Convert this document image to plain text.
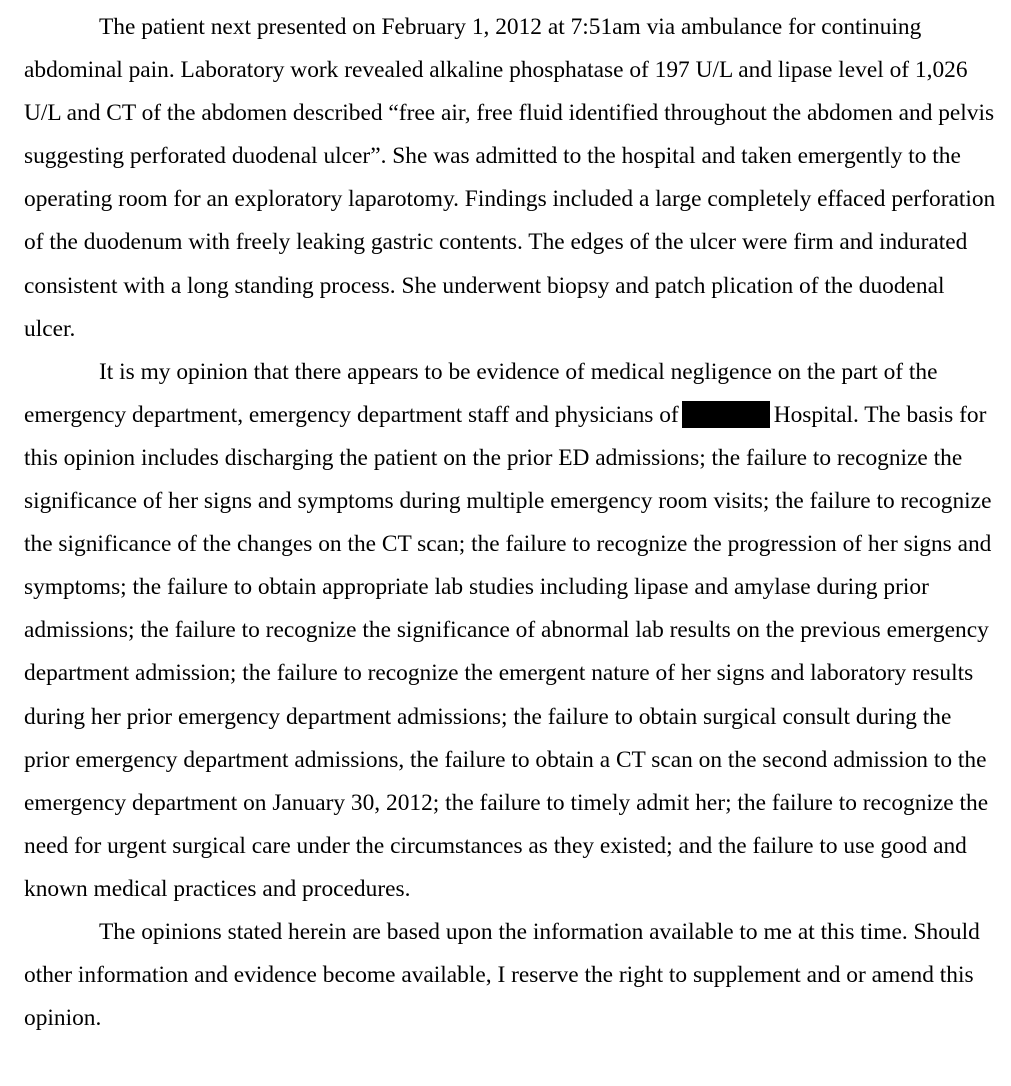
The patient next presented on February 1, 2012 at 7:51am via ambulance for continuing abdominal pain. Laboratory work revealed alkaline phosphatase of 197 U/L and lipase level of 1,026 U/L and CT of the abdomen described “free air, free fluid identified throughout the abdomen and pelvis suggesting perforated duodenal ulcer”. She was admitted to the hospital and taken emergently to the operating room for an exploratory laparotomy. Findings included a large completely effaced perforation of the duodenum with freely leaking gastric contents. The edges of the ulcer were firm and indurated consistent with a long standing process. She underwent biopsy and patch plication of the duodenal ulcer.

It is my opinion that there appears to be evidence of medical negligence on the part of the emergency department, emergency department staff and physicians of	Hospital. The basis for this opinion includes discharging the patient on the prior ED admissions; the failure to recognize the significance of her signs and symptoms during multiple emergency room visits; the failure to recognize the significance of the changes on the CT scan; the failure to recognize the progression of her signs and symptoms; the failure to obtain appropriate lab studies including lipase and amylase during prior admissions; the failure to recognize the significance of abnormal lab results on the previous emergency department admission; the failure to recognize the emergent nature of her signs and laboratory results during her prior emergency department admissions; the failure to obtain surgical consult during the prior emergency department admissions, the failure to obtain a CT scan on the second admission to the emergency department on January 30, 2012; the failure to timely admit her; the failure to recognize the need for urgent surgical care under the circumstances as they existed; and the failure to use good and known medical practices and procedures.

The opinions stated herein are based upon the information available to me at this time. Should other information and evidence become available, I reserve the right to supplement and or amend this opinion.
